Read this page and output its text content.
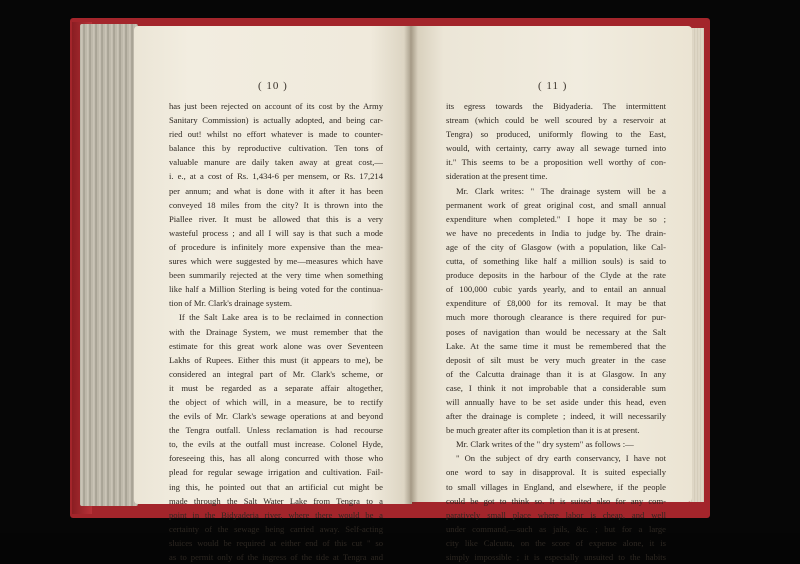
( 10 )
has just been rejected on account of its cost by the Army
Sanitary Commission) is actually adopted, and being car-
ried out! whilst no effort whatever is made to counter-
balance this by reproductive cultivation. Ten tons of
valuable manure are daily taken away at great cost,—
i. e., at a cost of Rs. 1,434-6 per mensem, or Rs. 17,214
per annum; and what is done with it after it has been
conveyed 18 miles from the city? It is thrown into the
Piallee river. It must be allowed that this is a very
wasteful process ; and all I will say is that such a mode
of procedure is infinitely more expensive than the mea-
sures which were suggested by me—measures which have
been summarily rejected at the very time when something
like half a Million Sterling is being voted for the continua-
tion of Mr. Clark's drainage system.
If the Salt Lake area is to be reclaimed in connection
with the Drainage System, we must remember that the
estimate for this great work alone was over Seventeen
Lakhs of Rupees. Either this must (it appears to me), be
considered an integral part of Mr. Clark's scheme, or
it must be regarded as a separate affair altogether,
the object of which will, in a measure, be to rectify
the evils of Mr. Clark's sewage operations at and beyond
the Tengra outfall. Unless reclamation is had recourse
to, the evils at the outfall must increase. Colonel Hyde,
foreseeing this, has all along concurred with those who
plead for regular sewage irrigation and cultivation. Fail-
ing this, he pointed out that an artificial cut might be
made through the Salt Water Lake from Tengra to a
point in the Bidyaderia river, where there would be a
certainty of the sewage being carried away. Self-acting
sluices would be required at either end of this cut " so
as to permit only of the ingress of the tide at Tengra and
( 11 )
its egress towards the Bidyaderia. The intermittent
stream (which could be well scoured by a reservoir at
Tengra) so produced, uniformly flowing to the East,
would, with certainty, carry away all sewage turned into
it." This seems to be a proposition well worthy of con-
sideration at the present time.
Mr. Clark writes: " The drainage system will be a
permanent work of great original cost, and small annual
expenditure when completed." I hope it may be so ;
we have no precedents in India to judge by. The drain-
age of the city of Glasgow (with a population, like Cal-
cutta, of something like half a million souls) is said to
produce deposits in the harbour of the Clyde at the rate
of 100,000 cubic yards yearly, and to entail an annual
expenditure of £8,000 for its removal. It may be that
much more thorough clearance is there required for pur-
poses of navigation than would be necessary at the Salt
Lake. At the same time it must be remembered that the
deposit of silt must be very much greater in the case
of the Calcutta drainage than it is at Glasgow. In any
case, I think it not improbable that a considerable sum
will annually have to be set aside under this head, even
after the drainage is complete ; indeed, it will necessarily
be much greater after its completion than it is at present.
Mr. Clark writes of the " dry system" as follows :—
" On the subject of dry earth conservancy, I have not
one word to say in disapproval. It is suited especially
to small villages in England, and elsewhere, if the people
could be got to think so. It is suited also for any com-
paratively small place where labor is cheap, and well
under command,—such as jails, &c. ; but for a large
city like Calcutta, on the score of expense alone, it is
simply impossible ; it is especially unsuited to the habits
